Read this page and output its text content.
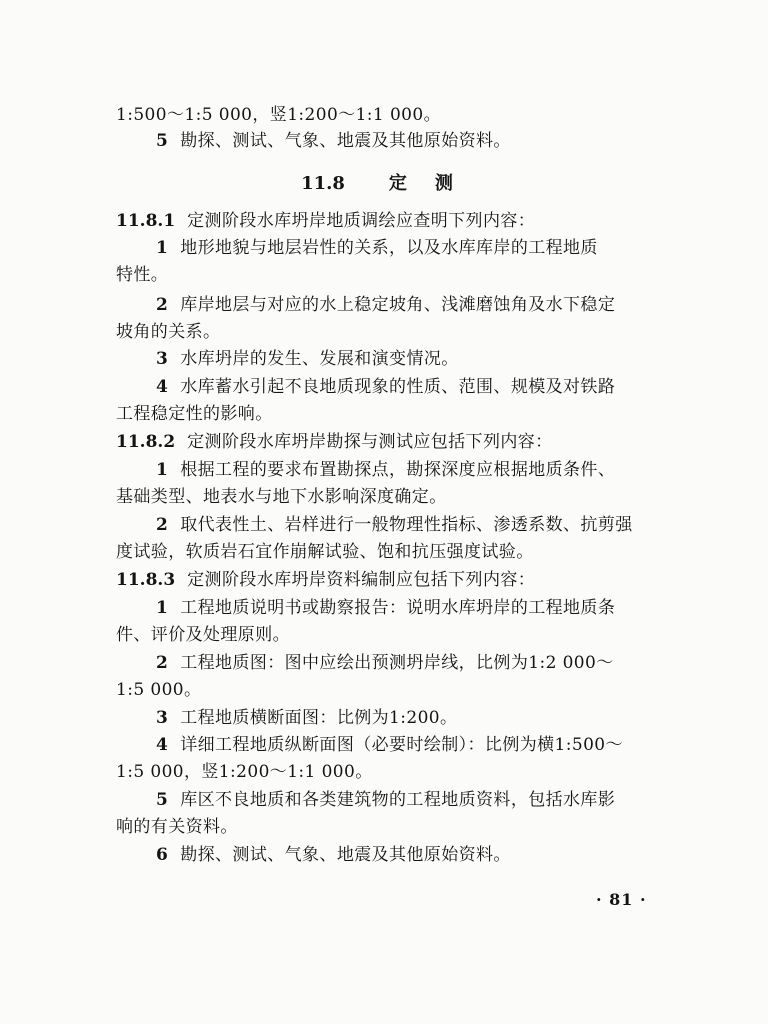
1:500～1:5 000，竖1:200～1:1 000。
5 勘探、测试、气象、地震及其他原始资料。
11.8 定 测
11.8.1 定测阶段水库坍岸地质调绘应查明下列内容：
1 地形地貌与地层岩性的关系，以及水库库岸的工程地质
特性。
2 库岸地层与对应的水上稳定坡角、浅滩磨蚀角及水下稳定
坡角的关系。
3 水库坍岸的发生、发展和演变情况。
4 水库蓄水引起不良地质现象的性质、范围、规模及对铁路
工程稳定性的影响。
11.8.2 定测阶段水库坍岸勘探与测试应包括下列内容：
1 根据工程的要求布置勘探点，勘探深度应根据地质条件、
基础类型、地表水与地下水影响深度确定。
2 取代表性土、岩样进行一般物理性指标、渗透系数、抗剪强
度试验，软质岩石宜作崩解试验、饱和抗压强度试验。
11.8.3 定测阶段水库坍岸资料编制应包括下列内容：
1 工程地质说明书或勘察报告：说明水库坍岸的工程地质条
件、评价及处理原则。
2 工程地质图：图中应绘出预测坍岸线，比例为1:2 000～
1:5 000。
3 工程地质横断面图：比例为1:200。
4 详细工程地质纵断面图（必要时绘制）：比例为横1:500～
1:5 000，竖1:200～1:1 000。
5 库区不良地质和各类建筑物的工程地质资料，包括水库影
响的有关资料。
6 勘探、测试、气象、地震及其他原始资料。
· 81 ·
